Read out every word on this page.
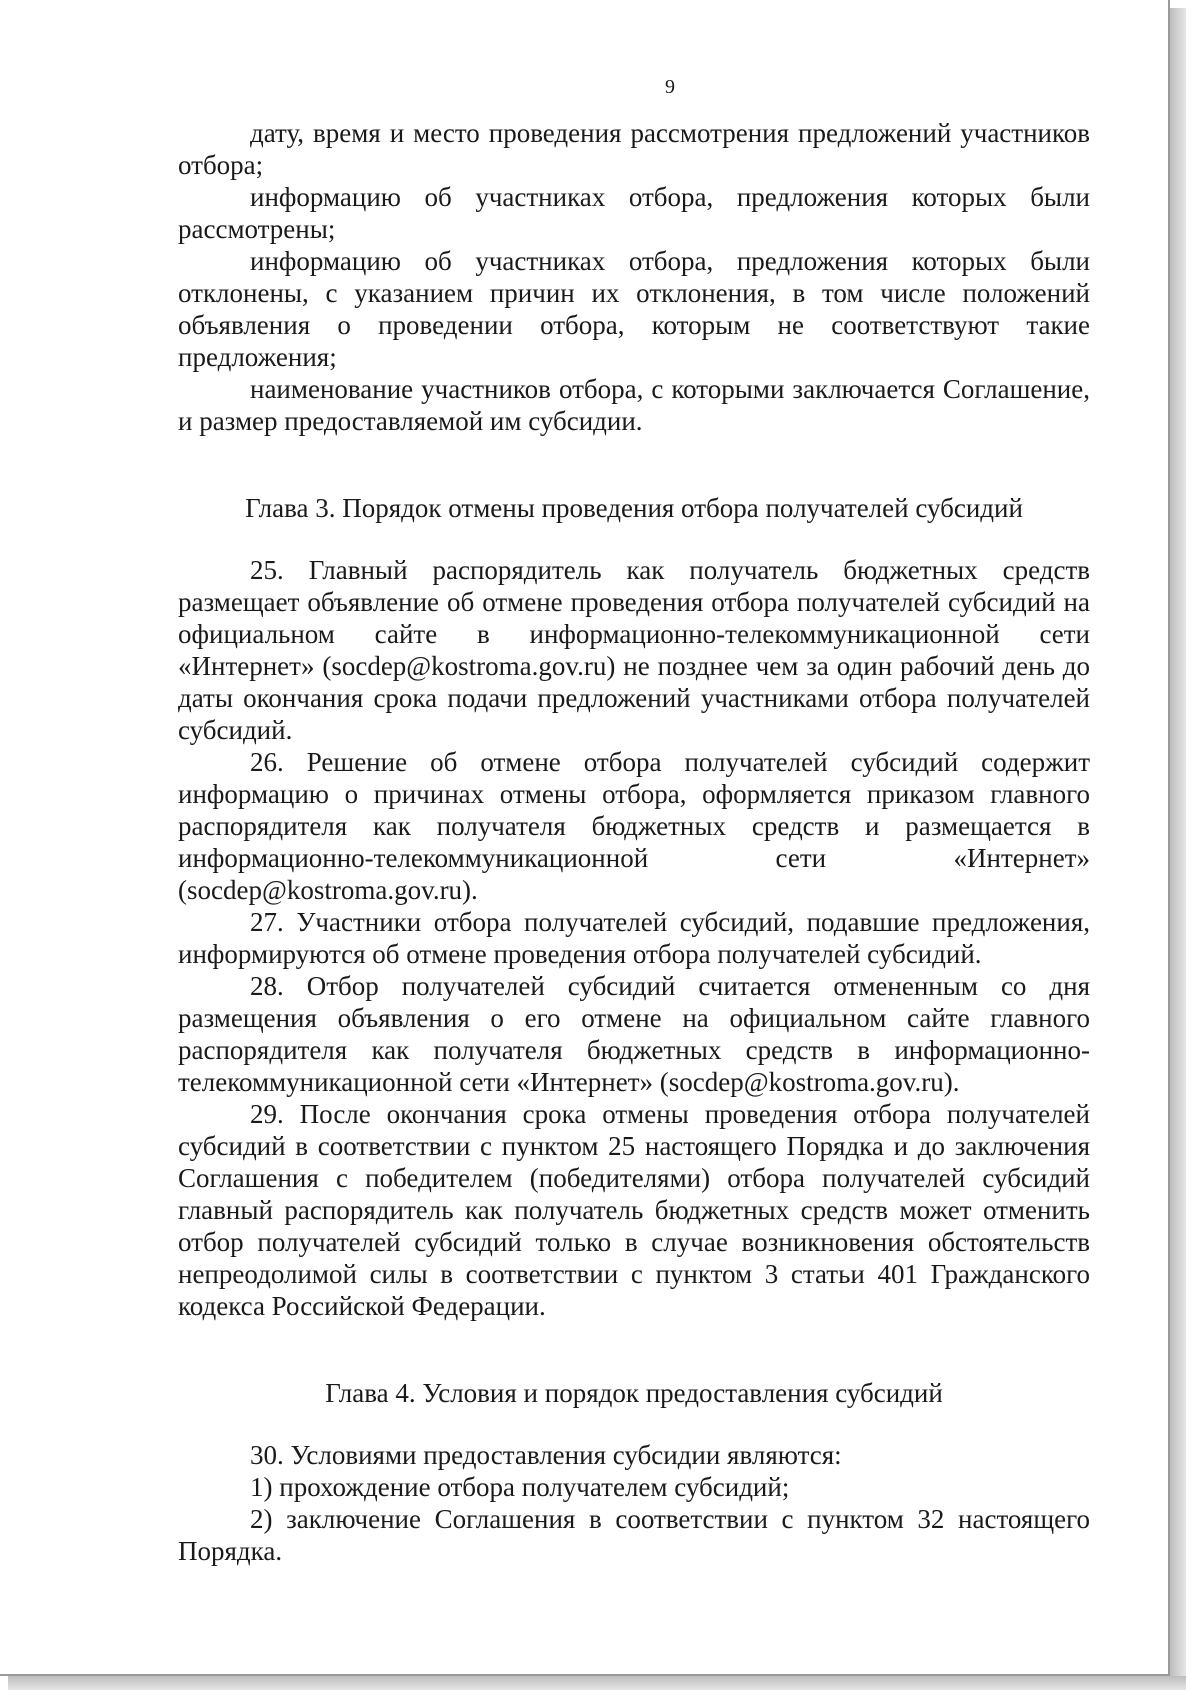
9

дату, время и место проведения рассмотрения предложений участников отбора;

информацию об участниках отбора, предложения которых были рассмотрены;

информацию об участниках отбора, предложения которых были отклонены, с указанием причин их отклонения, в том числе положений объявления о проведении отбора, которым не соответствуют такие предложения;

наименование участников отбора, с которыми заключается Соглашение, и размер предоставляемой им субсидии.

Глава 3. Порядок отмены проведения отбора получателей субсидий

25. Главный распорядитель как получатель бюджетных средств размещает объявление об отмене проведения отбора получателей субсидий на официальном сайте в информационно-телекоммуникационной сети «Интернет» (socdep@kostroma.gov.ru) не позднее чем за один рабочий день до даты окончания срока подачи предложений участниками отбора получателей субсидий.

26. Решение об отмене отбора получателей субсидий содержит информацию о причинах отмены отбора, оформляется приказом главного распорядителя как получателя бюджетных средств и размещается в информационно-телекоммуникационной сети «Интернет» (socdep@kostroma.gov.ru).

27. Участники отбора получателей субсидий, подавшие предложения, информируются об отмене проведения отбора получателей субсидий.

28. Отбор получателей субсидий считается отмененным со дня размещения объявления о его отмене на официальном сайте главного распорядителя как получателя бюджетных средств в информационно-телекоммуникационной сети «Интернет» (socdep@kostroma.gov.ru).

29. После окончания срока отмены проведения отбора получателей субсидий в соответствии с пунктом 25 настоящего Порядка и до заключения Соглашения с победителем (победителями) отбора получателей субсидий главный распорядитель как получатель бюджетных средств может отменить отбор получателей субсидий только в случае возникновения обстоятельств непреодолимой силы в соответствии с пунктом 3 статьи 401 Гражданского кодекса Российской Федерации.

Глава 4. Условия и порядок предоставления субсидий

30. Условиями предоставления субсидии являются:

1) прохождение отбора получателем субсидий;

2) заключение Соглашения в соответствии с пунктом 32 настоящего Порядка.
